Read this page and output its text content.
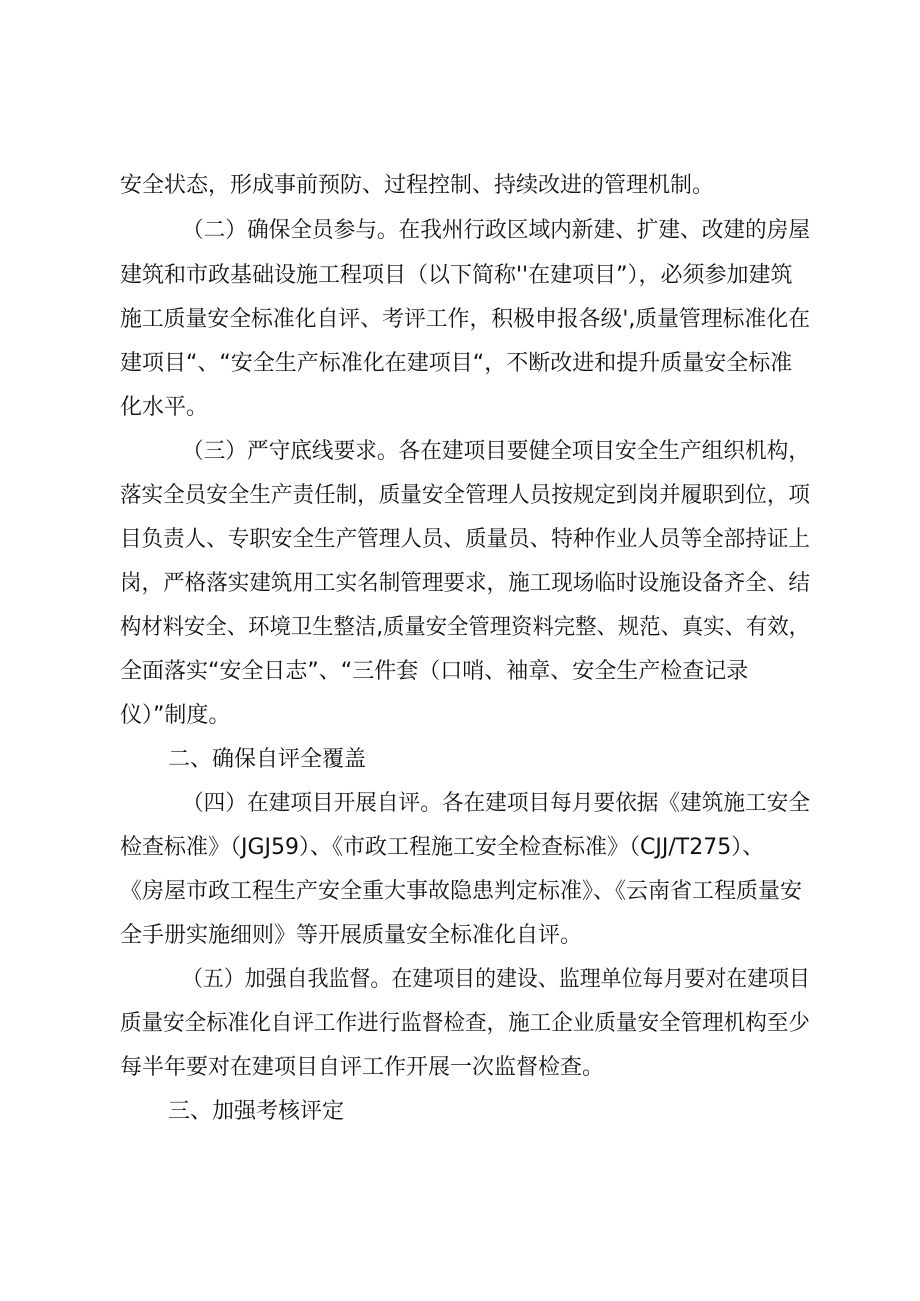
安全状态，形成事前预防、过程控制、持续改进的管理机制。
（二）确保全员参与。在我州行政区域内新建、扩建、改建的房屋
建筑和市政基础设施工程项目（以下简称''在建项目”），必须参加建筑
施工质量安全标准化自评、考评工作，积极申报各级',质量管理标准化在
建项目“、“安全生产标准化在建项目“，不断改进和提升质量安全标准
化水平。
（三）严守底线要求。各在建项目要健全项目安全生产组织机构，
落实全员安全生产责任制，质量安全管理人员按规定到岗并履职到位，项
目负责人、专职安全生产管理人员、质量员、特种作业人员等全部持证上
岗，严格落实建筑用工实名制管理要求，施工现场临时设施设备齐全、结
构材料安全、环境卫生整洁,质量安全管理资料完整、规范、真实、有效，
全面落实“安全日志”、“三件套（口哨、袖章、安全生产检查记录
仪）”制度。
二、确保自评全覆盖
（四）在建项目开展自评。各在建项目每月要依据《建筑施工安全
检查标准》（JGJ59）、《市政工程施工安全检查标准》（CJJ/T275）、
《房屋市政工程生产安全重大事故隐患判定标准》、《云南省工程质量安
全手册实施细则》等开展质量安全标准化自评。
（五）加强自我监督。在建项目的建设、监理单位每月要对在建项目
质量安全标准化自评工作进行监督检查，施工企业质量安全管理机构至少
每半年要对在建项目自评工作开展一次监督检查。
三、加强考核评定
